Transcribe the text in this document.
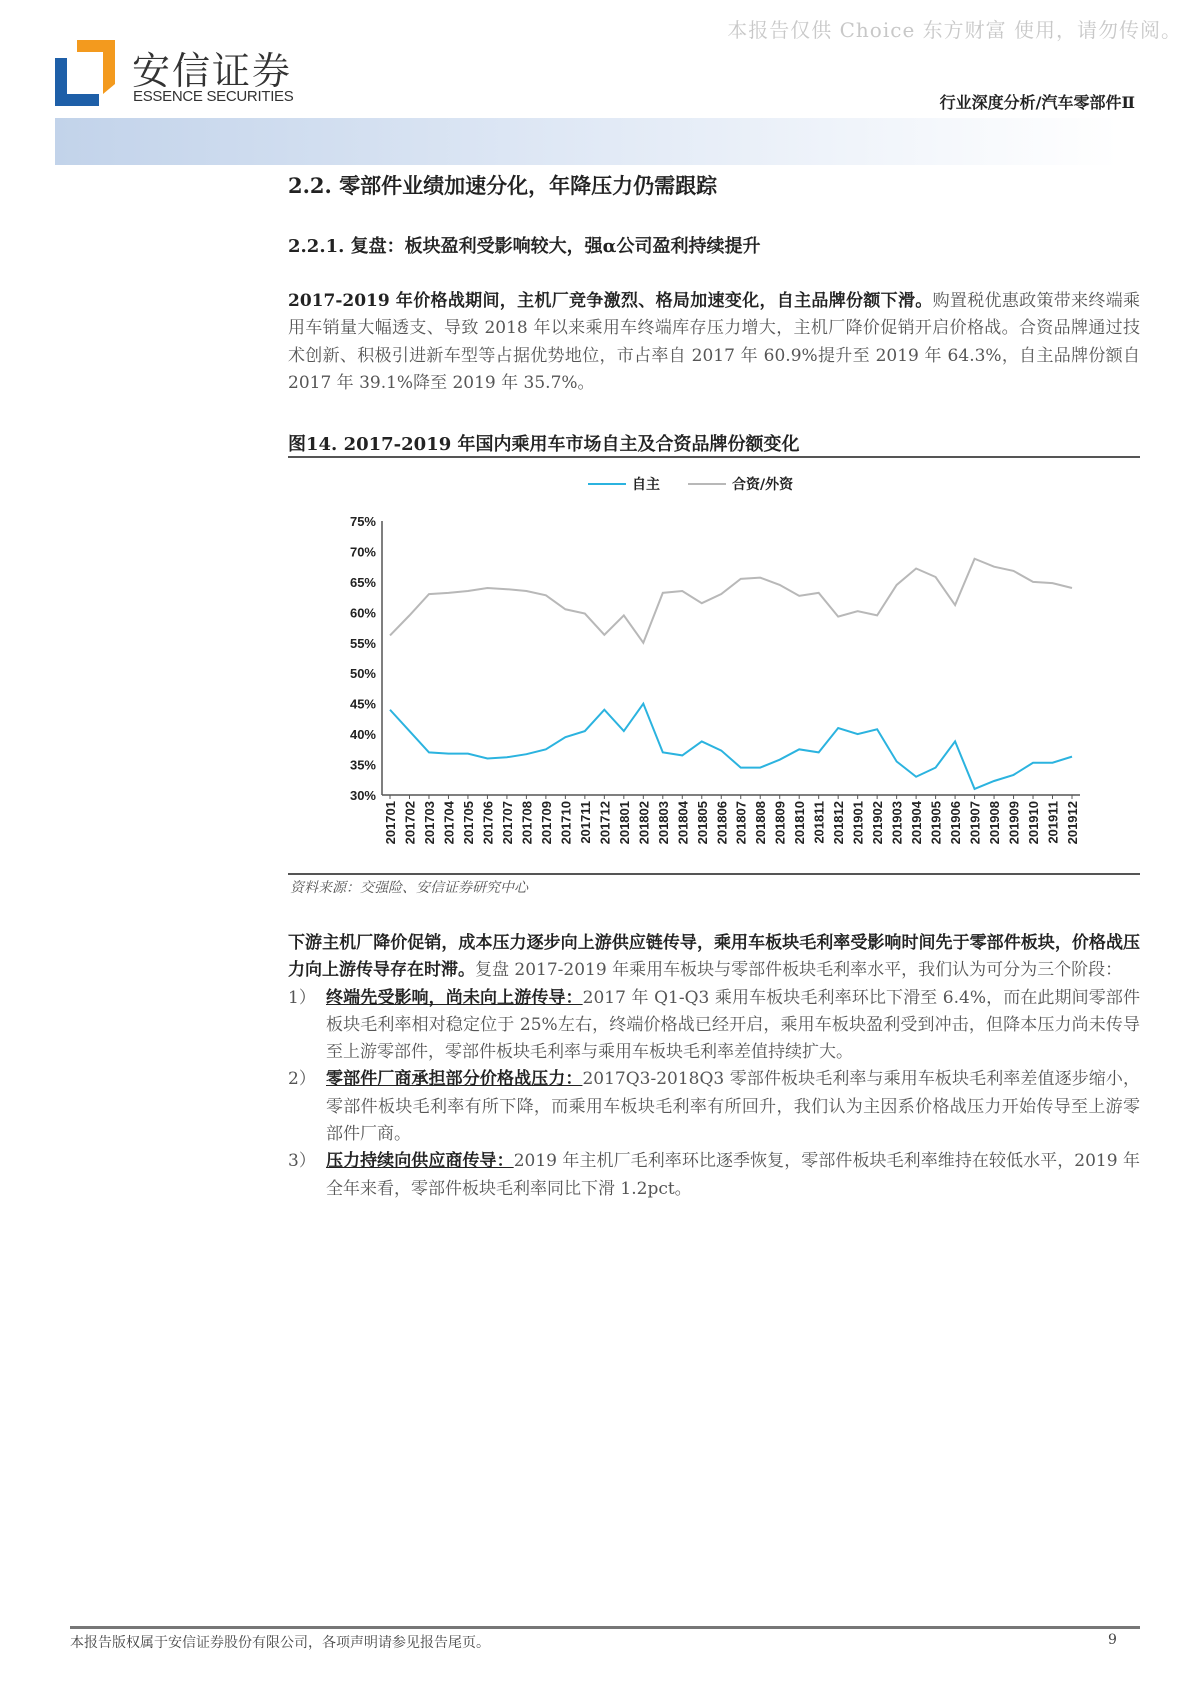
本报告仅供 Choice 东方财富 使用，请勿传阅。
安信证券
ESSENCE SECURITIES	行业深度分析/汽车零部件Ⅱ
2.2. 零部件业绩加速分化，年降压力仍需跟踪
2.2.1. 复盘：板块盈利受影响较大，强α公司盈利持续提升
2017-2019 年价格战期间，主机厂竞争激烈、格局加速变化，自主品牌份额下滑。购置税优惠政策带来终端乘用车销量大幅透支、导致 2018 年以来乘用车终端库存压力增大，主机厂降价促销开启价格战。合资品牌通过技术创新、积极引进新车型等占据优势地位，市占率自 2017 年 60.9%提升至 2019 年 64.3%，自主品牌份额自 2017 年 39.1%降至 2019 年 35.7%。
图14. 2017-2019 年国内乘用车市场自主及合资品牌份额变化
30%
35%
40%
45%
50%
55%
60%
65%
70%
75%
201701 201702 201703 201704 201705 201706 201707 201708 201709 201710 201711 201712 201801 201802 201803 201804 201805 201806 201807 201808 201809 201810 201811 201812 201901 201902 201903 201904 201905 201906 201907 201908 201909 201910 201911 201912
自主	合资/外资
资料来源：交强险、安信证券研究中心
下游主机厂降价促销，成本压力逐步向上游供应链传导，乘用车板块毛利率受影响时间先于零部件板块，价格战压力向上游传导存在时滞。复盘 2017-2019 年乘用车板块与零部件板块毛利率水平，我们认为可分为三个阶段：
1） 终端先受影响，尚未向上游传导：2017 年 Q1-Q3 乘用车板块毛利率环比下滑至 6.4%，而在此期间零部件板块毛利率相对稳定位于 25%左右，终端价格战已经开启，乘用车板块盈利受到冲击，但降本压力尚未传导至上游零部件，零部件板块毛利率与乘用车板块毛利率差值持续扩大。
2） 零部件厂商承担部分价格战压力：2017Q3-2018Q3 零部件板块毛利率与乘用车板块毛利率差值逐步缩小，零部件板块毛利率有所下降，而乘用车板块毛利率有所回升，我们认为主因系价格战压力开始传导至上游零部件厂商。
3） 压力持续向供应商传导：2019 年主机厂毛利率环比逐季恢复，零部件板块毛利率维持在较低水平，2019 年全年来看，零部件板块毛利率同比下滑 1.2pct。
本报告版权属于安信证券股份有限公司，各项声明请参见报告尾页。	9
